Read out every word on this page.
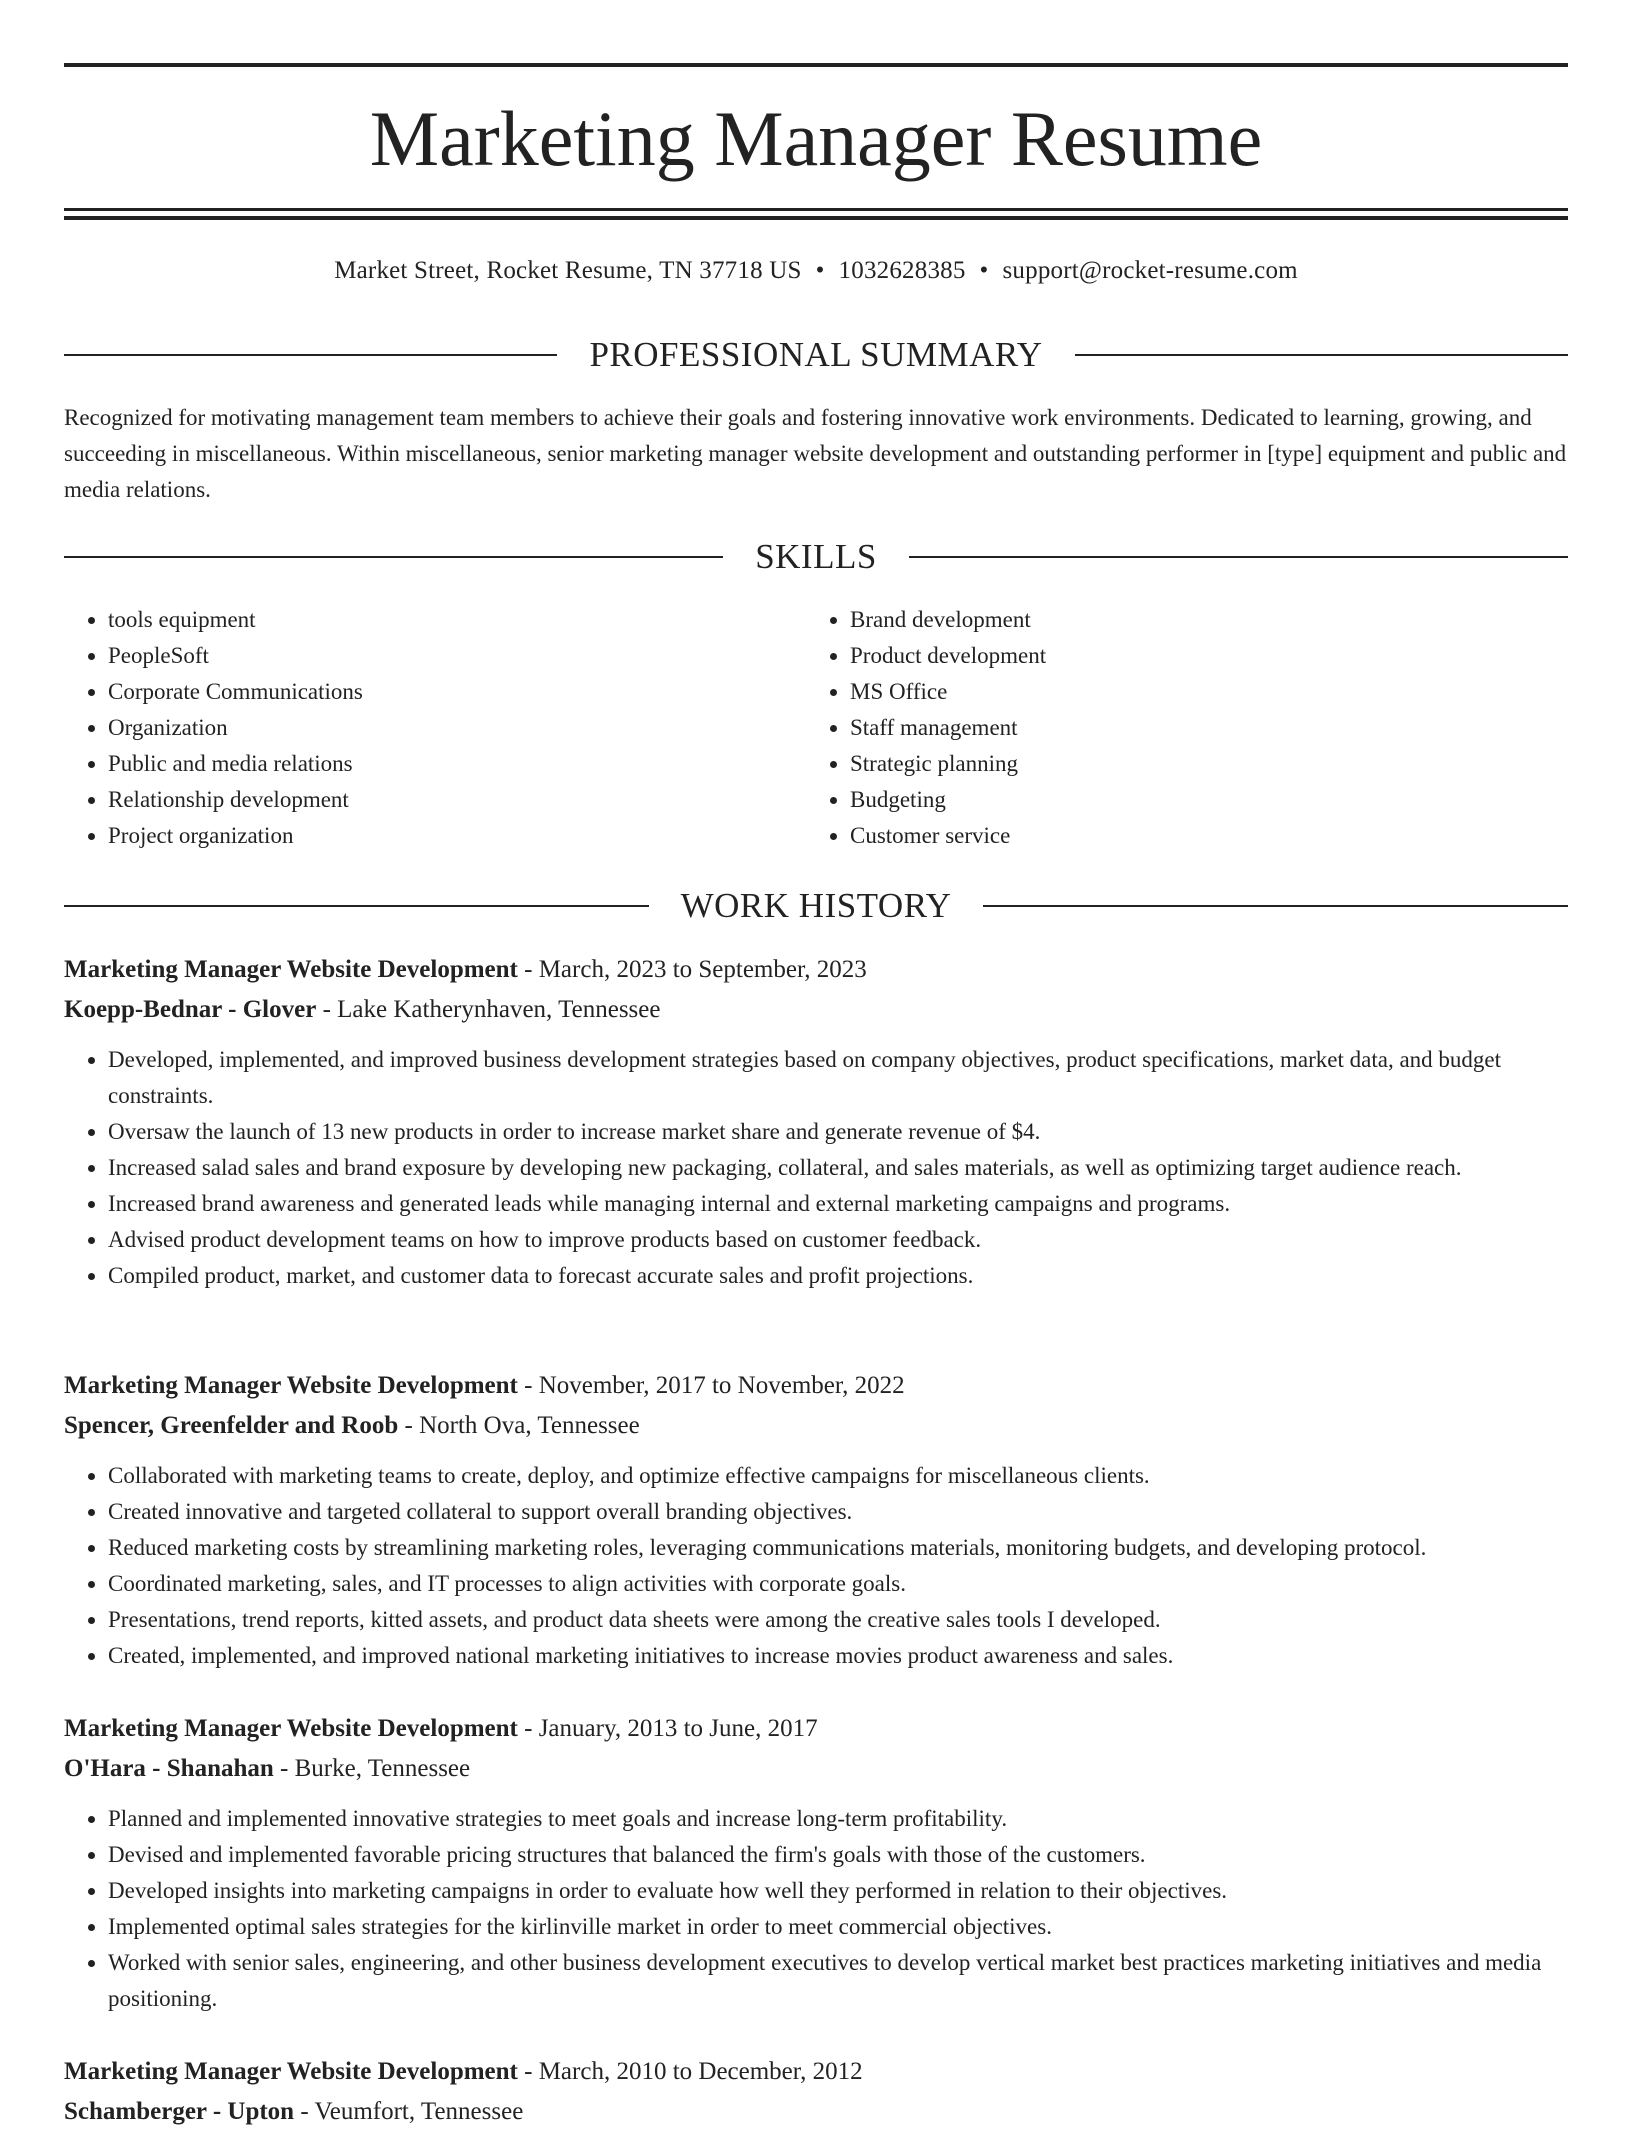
Marketing Manager Resume
Market Street, Rocket Resume, TN 37718 US • 1032628385 • support@rocket-resume.com
PROFESSIONAL SUMMARY

Recognized for motivating management team members to achieve their goals and fostering innovative work environments. Dedicated to learning, growing, and succeeding in miscellaneous. Within miscellaneous, senior marketing manager website development and outstanding performer in [type] equipment and public and media relations.

SKILLS
• tools equipment
• PeopleSoft
• Corporate Communications
• Organization
• Public and media relations
• Relationship development
• Project organization
• Brand development
• Product development
• MS Office
• Staff management
• Strategic planning
• Budgeting
• Customer service
WORK HISTORY
Marketing Manager Website Development - March, 2023 to September, 2023
Koepp-Bednar - Glover - Lake Katherynhaven, Tennessee
• Developed, implemented, and improved business development strategies based on company objectives, product specifications, market data, and budget constraints.
• Oversaw the launch of 13 new products in order to increase market share and generate revenue of $4.
• Increased salad sales and brand exposure by developing new packaging, collateral, and sales materials, as well as optimizing target audience reach.
• Increased brand awareness and generated leads while managing internal and external marketing campaigns and programs.
• Advised product development teams on how to improve products based on customer feedback.
• Compiled product, market, and customer data to forecast accurate sales and profit projections.
Marketing Manager Website Development - November, 2017 to November, 2022
Spencer, Greenfelder and Roob - North Ova, Tennessee
• Collaborated with marketing teams to create, deploy, and optimize effective campaigns for miscellaneous clients.
• Created innovative and targeted collateral to support overall branding objectives.
• Reduced marketing costs by streamlining marketing roles, leveraging communications materials, monitoring budgets, and developing protocol.
• Coordinated marketing, sales, and IT processes to align activities with corporate goals.
• Presentations, trend reports, kitted assets, and product data sheets were among the creative sales tools I developed.
• Created, implemented, and improved national marketing initiatives to increase movies product awareness and sales.
Marketing Manager Website Development - January, 2013 to June, 2017
O'Hara - Shanahan - Burke, Tennessee
• Planned and implemented innovative strategies to meet goals and increase long-term profitability.
• Devised and implemented favorable pricing structures that balanced the firm's goals with those of the customers.
• Developed insights into marketing campaigns in order to evaluate how well they performed in relation to their objectives.
• Implemented optimal sales strategies for the kirlinville market in order to meet commercial objectives.
• Worked with senior sales, engineering, and other business development executives to develop vertical market best practices marketing initiatives and media positioning.
Marketing Manager Website Development - March, 2010 to December, 2012
Schamberger - Upton - Veumfort, Tennessee
